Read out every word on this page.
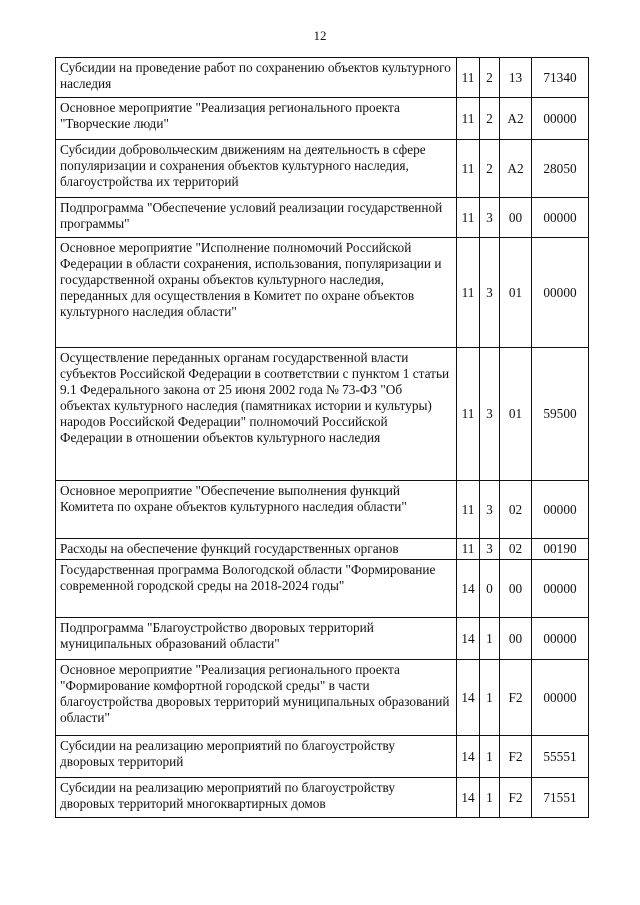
12
Субсидии на проведение работ по сохранению объектов культурного наследия	11	2	13	71340
Основное мероприятие "Реализация регионального проекта "Творческие люди"	11	2	А2	00000
Субсидии добровольческим движениям на деятельность в сфере популяризации и сохранения объектов культурного наследия, благоустройства их территорий	11	2	А2	28050
Подпрограмма "Обеспечение условий реализации государственной программы"	11	3	00	00000
Основное мероприятие "Исполнение полномочий Российской Федерации в области сохранения, использования, популяризации и государственной охраны объектов культурного наследия, переданных для осуществления в Комитет по охране объектов культурного наследия области"	11	3	01	00000
Осуществление переданных органам государственной власти субъектов Российской Федерации в соответствии с пунктом 1 статьи 9.1 Федерального закона от 25 июня 2002 года № 73-ФЗ "Об объектах культурного наследия (памятниках истории и культуры) народов Российской Федерации" полномочий Российской Федерации в отношении объектов культурного наследия	11	3	01	59500
Основное мероприятие "Обеспечение выполнения функций Комитета по охране объектов культурного наследия области"	11	3	02	00000
Расходы на обеспечение функций государственных органов	11	3	02	00190
Государственная программа Вологодской области "Формирование современной городской среды на 2018-2024 годы"	14	0	00	00000
Подпрограмма "Благоустройство дворовых территорий муниципальных образований области"	14	1	00	00000
Основное мероприятие "Реализация регионального проекта "Формирование комфортной городской среды" в части благоустройства дворовых территорий муниципальных образований области"	14	1	F2	00000
Субсидии на реализацию мероприятий по благоустройству дворовых территорий	14	1	F2	55551
Субсидии на реализацию мероприятий по благоустройству дворовых территорий многоквартирных домов	14	1	F2	71551
